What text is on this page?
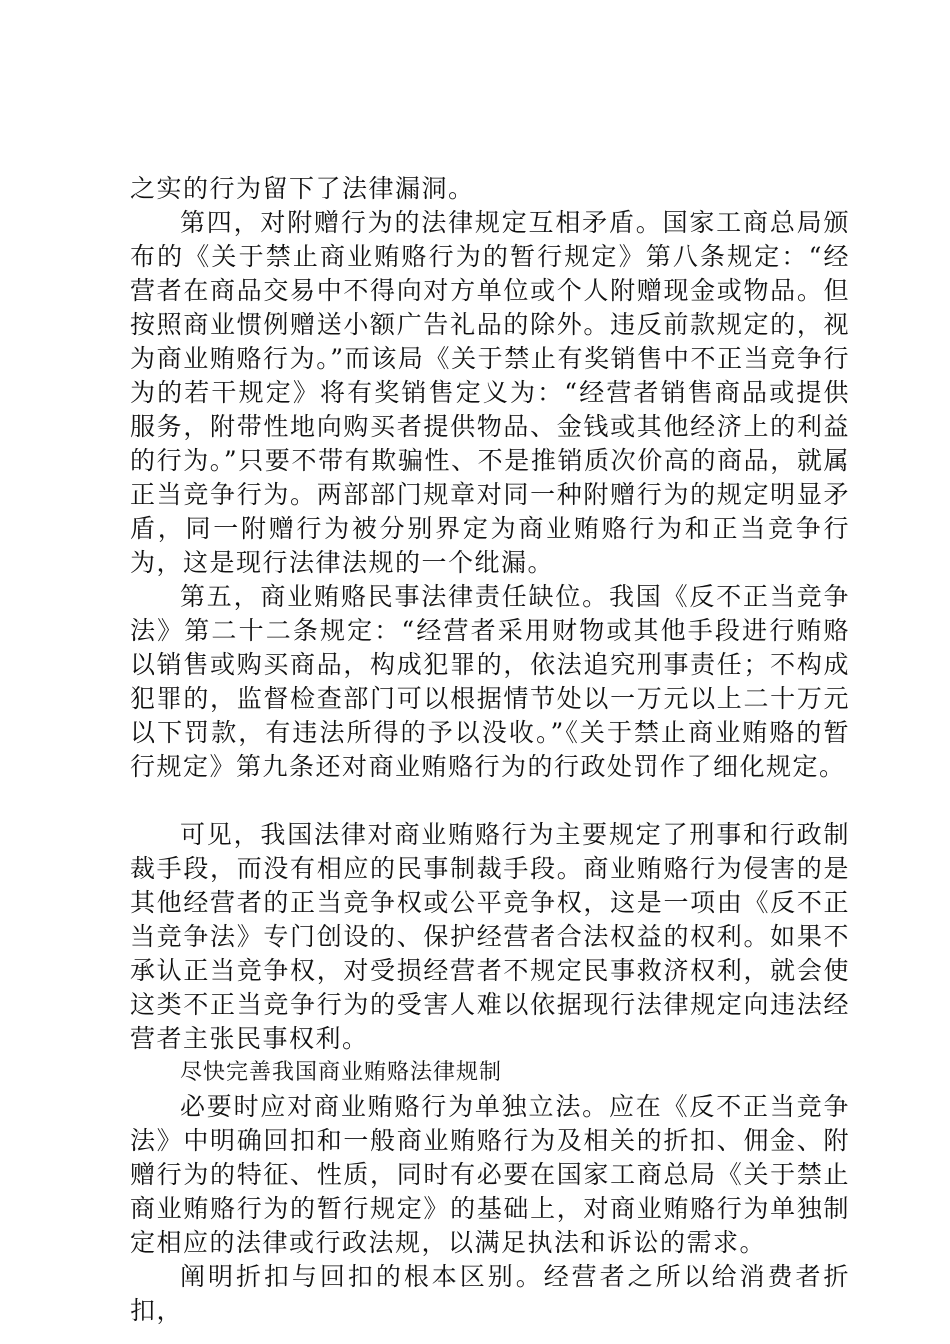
之实的行为留下了法律漏洞。

第四，对附赠行为的法律规定互相矛盾。国家工商总局颁布的《关于禁止商业贿赂行为的暂行规定》第八条规定：“经营者在商品交易中不得向对方单位或个人附赠现金或物品。但按照商业惯例赠送小额广告礼品的除外。违反前款规定的，视为商业贿赂行为。”而该局《关于禁止有奖销售中不正当竞争行为的若干规定》将有奖销售定义为：“经营者销售商品或提供服务，附带性地向购买者提供物品、金钱或其他经济上的利益的行为。”只要不带有欺骗性、不是推销质次价高的商品，就属正当竞争行为。两部部门规章对同一种附赠行为的规定明显矛盾，同一附赠行为被分别界定为商业贿赂行为和正当竞争行为，这是现行法律法规的一个纰漏。

第五，商业贿赂民事法律责任缺位。我国《反不正当竞争法》第二十二条规定：“经营者采用财物或其他手段进行贿赂以销售或购买商品，构成犯罪的，依法追究刑事责任；不构成犯罪的，监督检查部门可以根据情节处以一万元以上二十万元以下罚款，有违法所得的予以没收。”《关于禁止商业贿赂的暂行规定》第九条还对商业贿赂行为的行政处罚作了细化规定。

可见，我国法律对商业贿赂行为主要规定了刑事和行政制裁手段，而没有相应的民事制裁手段。商业贿赂行为侵害的是其他经营者的正当竞争权或公平竞争权，这是一项由《反不正当竞争法》专门创设的、保护经营者合法权益的权利。如果不承认正当竞争权，对受损经营者不规定民事救济权利，就会使这类不正当竞争行为的受害人难以依据现行法律规定向违法经营者主张民事权利。

尽快完善我国商业贿赂法律规制

必要时应对商业贿赂行为单独立法。应在《反不正当竞争法》中明确回扣和一般商业贿赂行为及相关的折扣、佣金、附赠行为的特征、性质，同时有必要在国家工商总局《关于禁止商业贿赂行为的暂行规定》的基础上，对商业贿赂行为单独制定相应的法律或行政法规，以满足执法和诉讼的需求。

阐明折扣与回扣的根本区别。经营者之所以给消费者折扣，
